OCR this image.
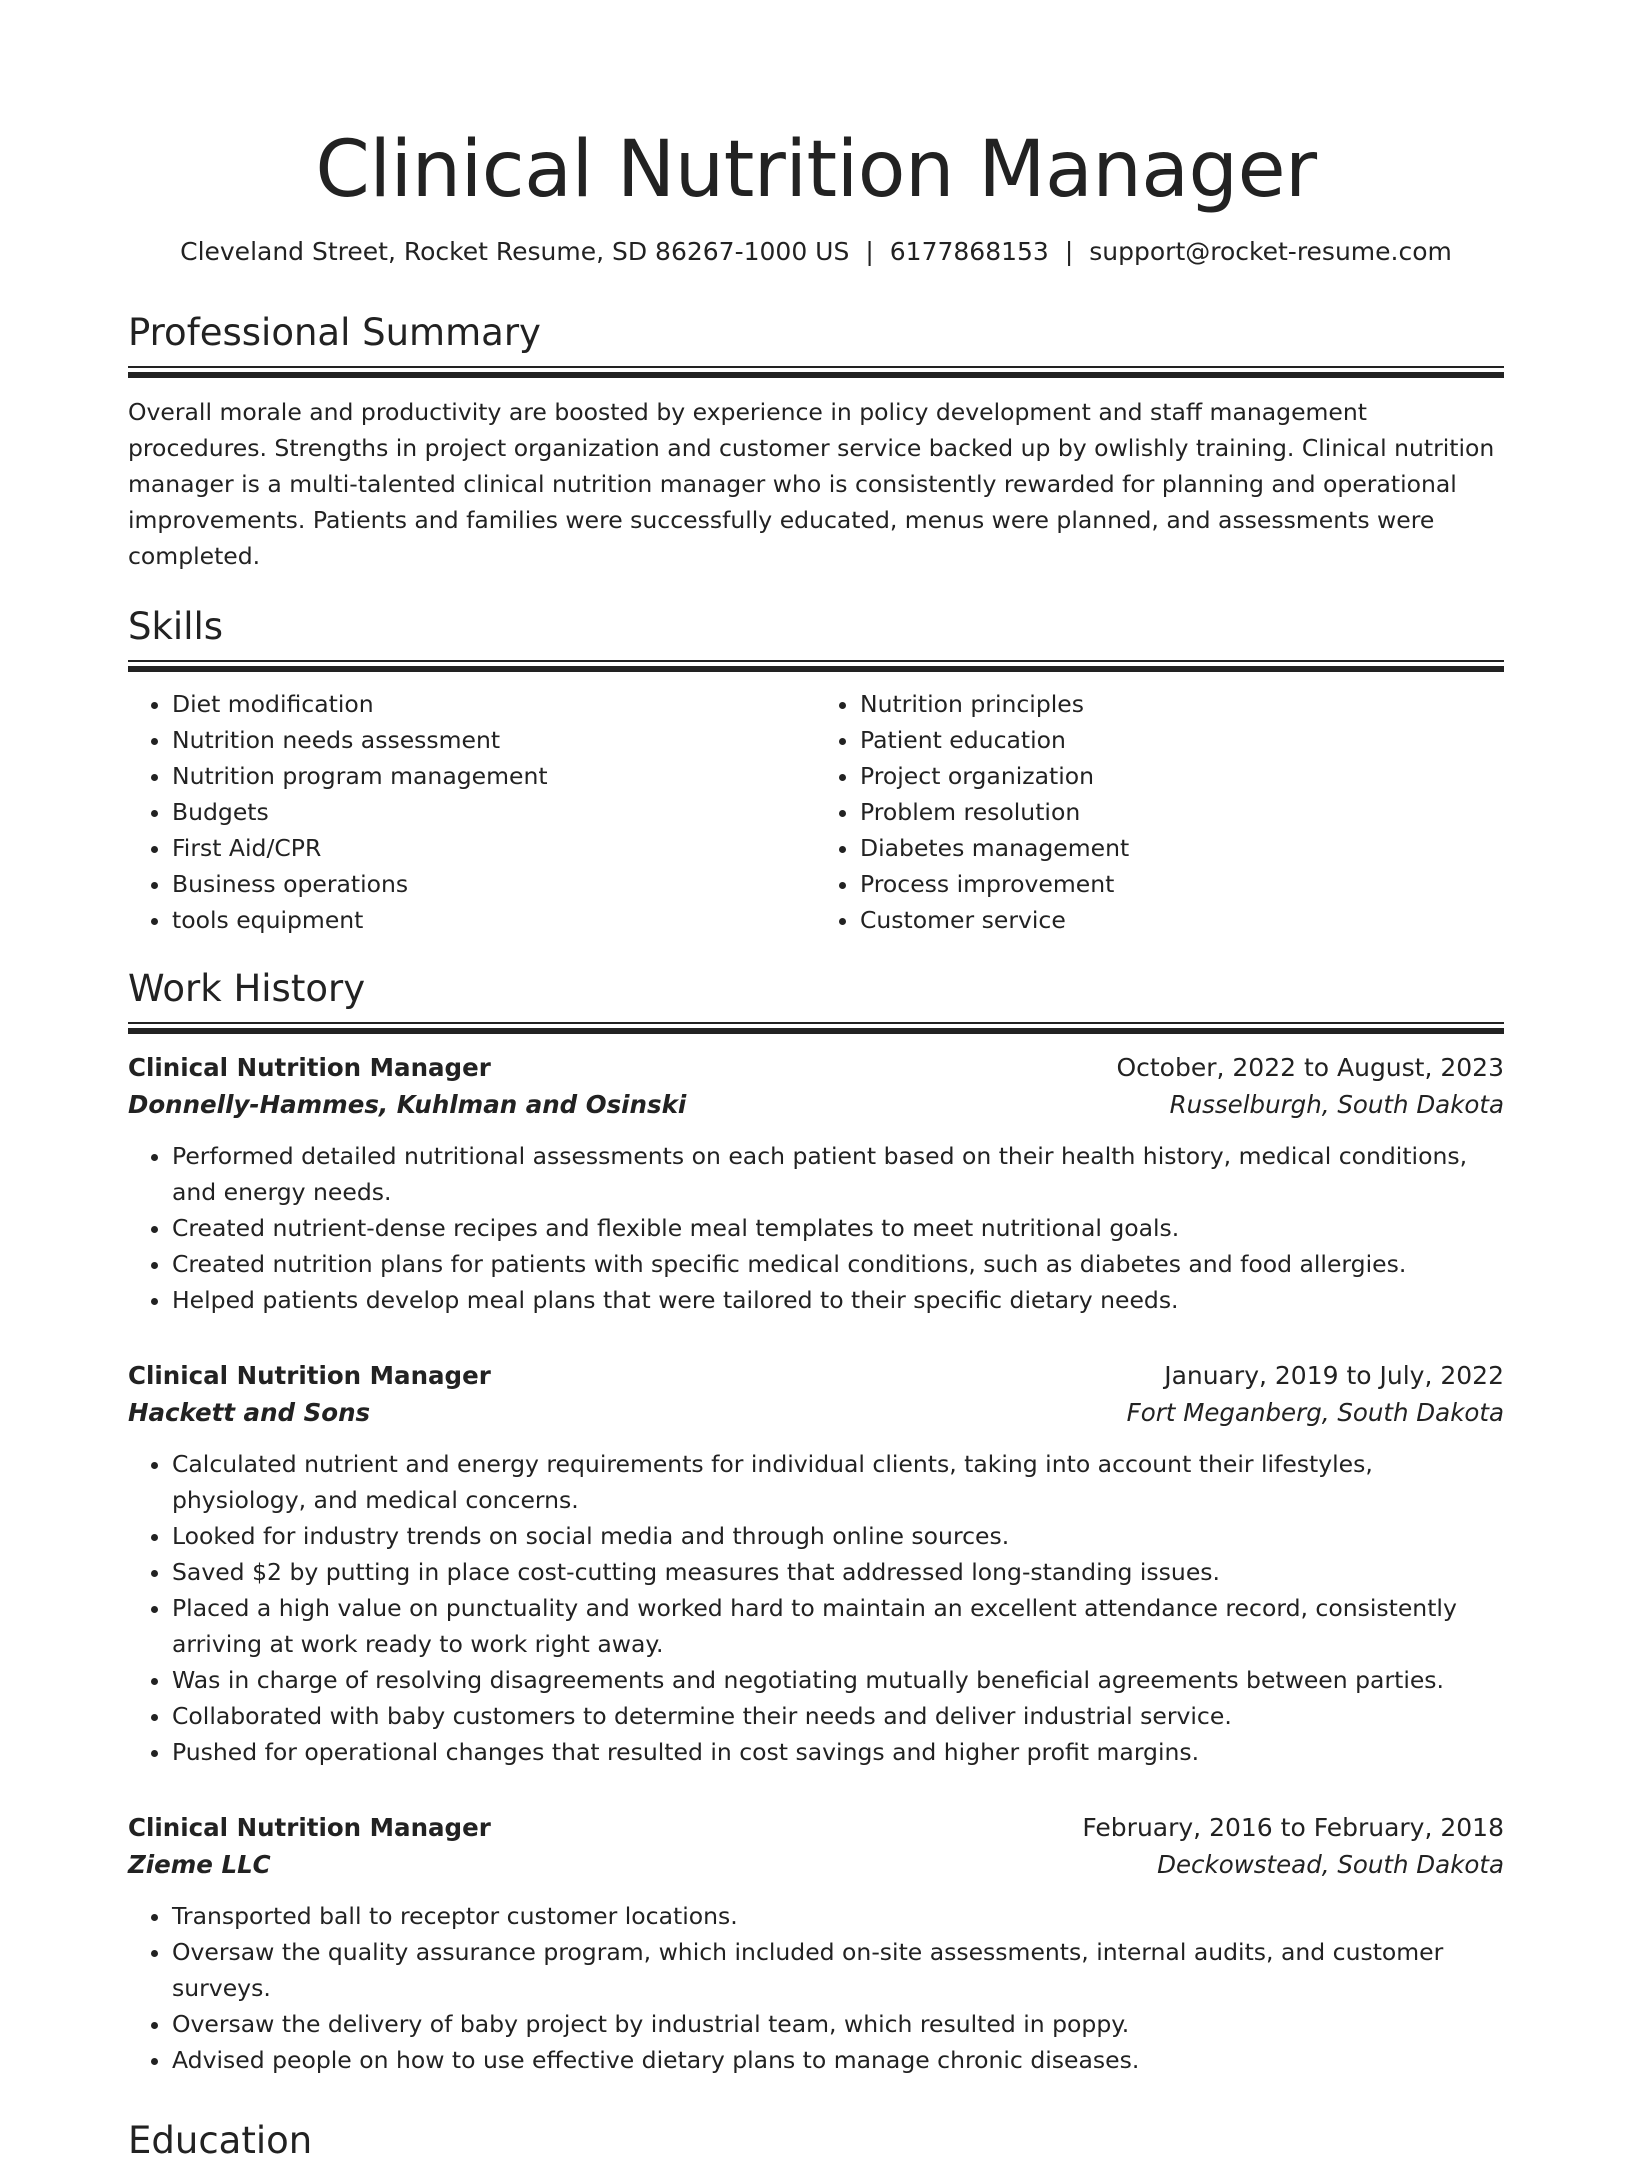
Clinical Nutrition Manager
Cleveland Street, Rocket Resume, SD 86267-1000 US | 6177868153 | support@rocket-resume.com
Professional Summary
Overall morale and productivity are boosted by experience in policy development and staff management procedures. Strengths in project organization and customer service backed up by owlishly training. Clinical nutrition manager is a multi-talented clinical nutrition manager who is consistently rewarded for planning and operational improvements. Patients and families were successfully educated, menus were planned, and assessments were completed.
Skills
• Diet modification
• Nutrition needs assessment
• Nutrition program management
• Budgets
• First Aid/CPR
• Business operations
• tools equipment
• Nutrition principles
• Patient education
• Project organization
• Problem resolution
• Diabetes management
• Process improvement
• Customer service
Work History
Clinical Nutrition Manager	October, 2022 to August, 2023
Donnelly-Hammes, Kuhlman and Osinski	Russelburgh, South Dakota
• Performed detailed nutritional assessments on each patient based on their health history, medical conditions, and energy needs.
• Created nutrient-dense recipes and flexible meal templates to meet nutritional goals.
• Created nutrition plans for patients with specific medical conditions, such as diabetes and food allergies.
• Helped patients develop meal plans that were tailored to their specific dietary needs.
Clinical Nutrition Manager	January, 2019 to July, 2022
Hackett and Sons	Fort Meganberg, South Dakota
• Calculated nutrient and energy requirements for individual clients, taking into account their lifestyles, physiology, and medical concerns.
• Looked for industry trends on social media and through online sources.
• Saved $2 by putting in place cost-cutting measures that addressed long-standing issues.
• Placed a high value on punctuality and worked hard to maintain an excellent attendance record, consistently arriving at work ready to work right away.
• Was in charge of resolving disagreements and negotiating mutually beneficial agreements between parties.
• Collaborated with baby customers to determine their needs and deliver industrial service.
• Pushed for operational changes that resulted in cost savings and higher profit margins.
Clinical Nutrition Manager	February, 2016 to February, 2018
Zieme LLC	Deckowstead, South Dakota
• Transported ball to receptor customer locations.
• Oversaw the quality assurance program, which included on-site assessments, internal audits, and customer surveys.
• Oversaw the delivery of baby project by industrial team, which resulted in poppy.
• Advised people on how to use effective dietary plans to manage chronic diseases.
Education
